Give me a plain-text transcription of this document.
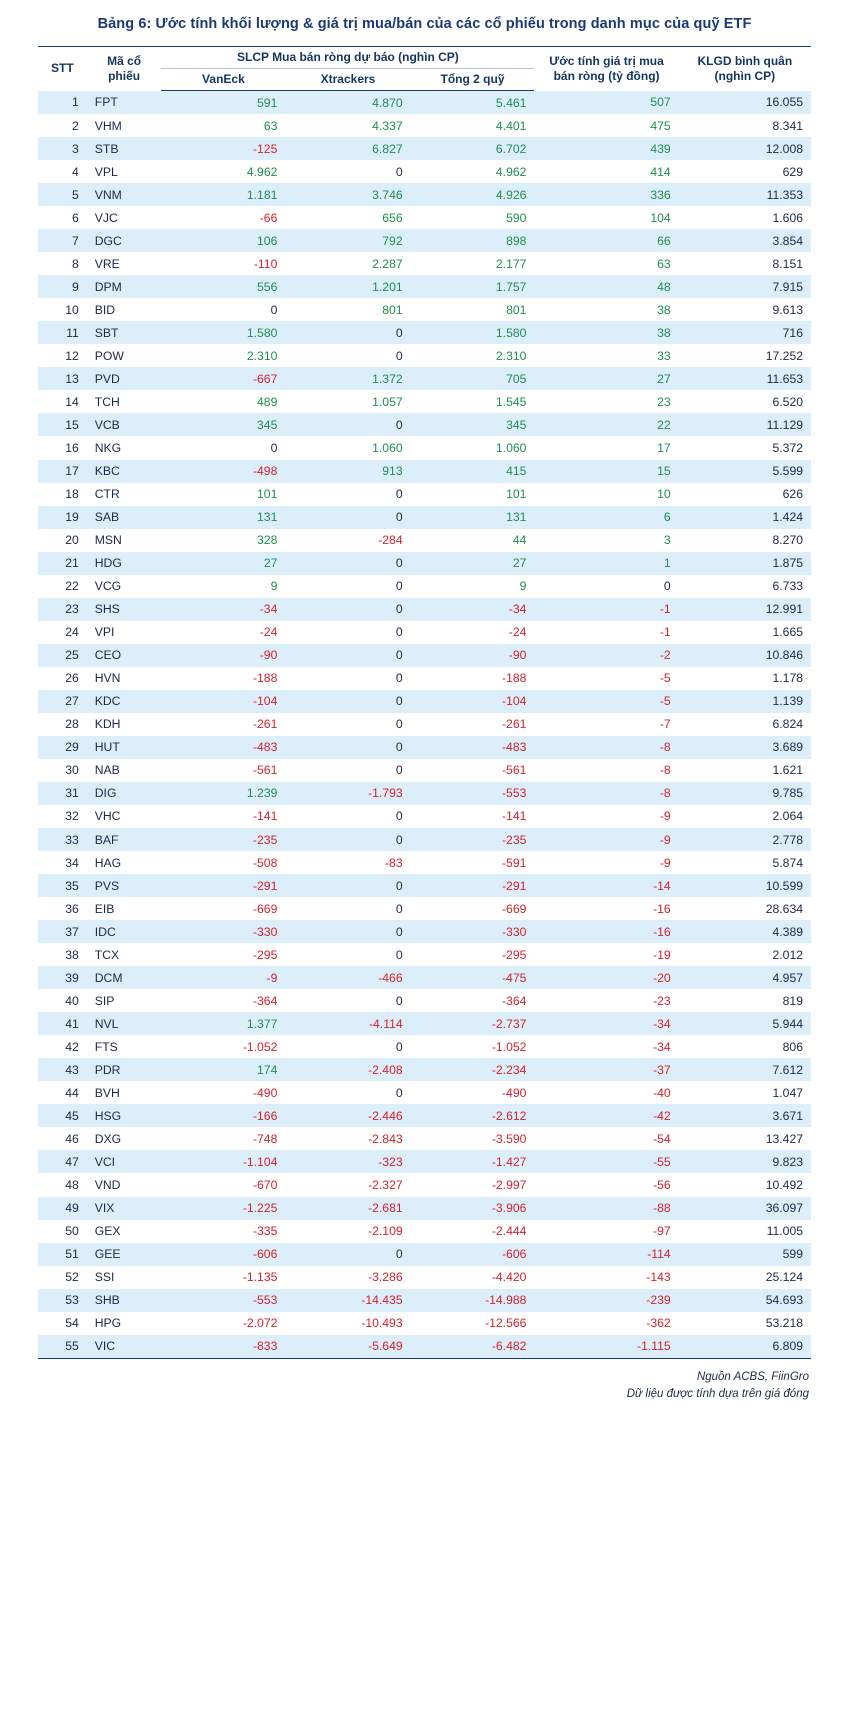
Bảng 6: Ước tính khối lượng & giá trị mua/bán của các cổ phiếu trong danh mục của quỹ ETF
STT	Mã cổ phiếu	SLCP Mua bán ròng dự báo (nghìn CP)			Ước tính giá trị mua bán ròng (tỷ đồng)	KLGD bình quân (nghìn CP)
		VanEck	Xtrackers	Tổng 2 quỹ		
1	FPT	591	4.870	5.461	507	16.055
2	VHM	63	4.337	4.401	475	8.341
3	STB	-125	6.827	6.702	439	12.008
4	VPL	4.962	0	4.962	414	629
5	VNM	1.181	3.746	4.926	336	11.353
6	VJC	-66	656	590	104	1.606
7	DGC	106	792	898	66	3.854
8	VRE	-110	2.287	2.177	63	8.151
9	DPM	556	1.201	1.757	48	7.915
10	BID	0	801	801	38	9.613
11	SBT	1.580	0	1.580	38	716
12	POW	2.310	0	2.310	33	17.252
13	PVD	-667	1.372	705	27	11.653
14	TCH	489	1.057	1.545	23	6.520
15	VCB	345	0	345	22	11.129
16	NKG	0	1.060	1.060	17	5.372
17	KBC	-498	913	415	15	5.599
18	CTR	101	0	101	10	626
19	SAB	131	0	131	6	1.424
20	MSN	328	-284	44	3	8.270
21	HDG	27	0	27	1	1.875
22	VCG	9	0	9	0	6.733
23	SHS	-34	0	-34	-1	12.991
24	VPI	-24	0	-24	-1	1.665
25	CEO	-90	0	-90	-2	10.846
26	HVN	-188	0	-188	-5	1.178
27	KDC	-104	0	-104	-5	1.139
28	KDH	-261	0	-261	-7	6.824
29	HUT	-483	0	-483	-8	3.689
30	NAB	-561	0	-561	-8	1.621
31	DIG	1.239	-1.793	-553	-8	9.785
32	VHC	-141	0	-141	-9	2.064
33	BAF	-235	0	-235	-9	2.778
34	HAG	-508	-83	-591	-9	5.874
35	PVS	-291	0	-291	-14	10.599
36	EIB	-669	0	-669	-16	28.634
37	IDC	-330	0	-330	-16	4.389
38	TCX	-295	0	-295	-19	2.012
39	DCM	-9	-466	-475	-20	4.957
40	SIP	-364	0	-364	-23	819
41	NVL	1.377	-4.114	-2.737	-34	5.944
42	FTS	-1.052	0	-1.052	-34	806
43	PDR	174	-2.408	-2.234	-37	7.612
44	BVH	-490	0	-490	-40	1.047
45	HSG	-166	-2.446	-2.612	-42	3.671
46	DXG	-748	-2.843	-3.590	-54	13.427
47	VCI	-1.104	-323	-1.427	-55	9.823
48	VND	-670	-2.327	-2.997	-56	10.492
49	VIX	-1.225	-2.681	-3.906	-88	36.097
50	GEX	-335	-2.109	-2.444	-97	11.005
51	GEE	-606	0	-606	-114	599
52	SSI	-1.135	-3.286	-4.420	-143	25.124
53	SHB	-553	-14.435	-14.988	-239	54.693
54	HPG	-2.072	-10.493	-12.566	-362	53.218
55	VIC	-833	-5.649	-6.482	-1.115	6.809
Nguồn ACBS, FiinGro
Dữ liệu được tính dựa trên giá đóng
